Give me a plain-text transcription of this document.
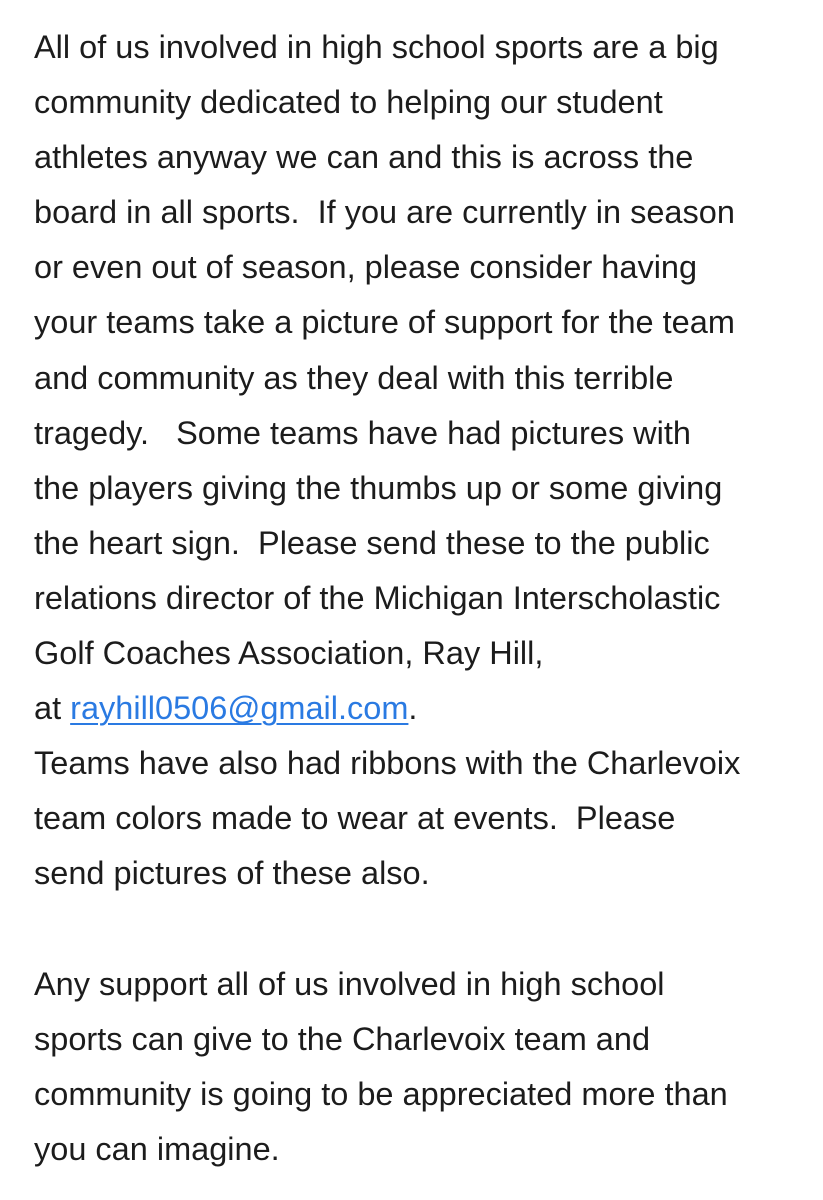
All of us involved in high school sports are a big
community dedicated to helping our student
athletes anyway we can and this is across the
board in all sports.  If you are currently in season
or even out of season, please consider having
your teams take a picture of support for the team
and community as they deal with this terrible
tragedy.   Some teams have had pictures with
the players giving the thumbs up or some giving
the heart sign.  Please send these to the public
relations director of the Michigan Interscholastic
Golf Coaches Association, Ray Hill,
at rayhill0506@gmail.com.
Teams have also had ribbons with the Charlevoix
team colors made to wear at events.  Please
send pictures of these also.
Any support all of us involved in high school
sports can give to the Charlevoix team and
community is going to be appreciated more than
you can imagine.
